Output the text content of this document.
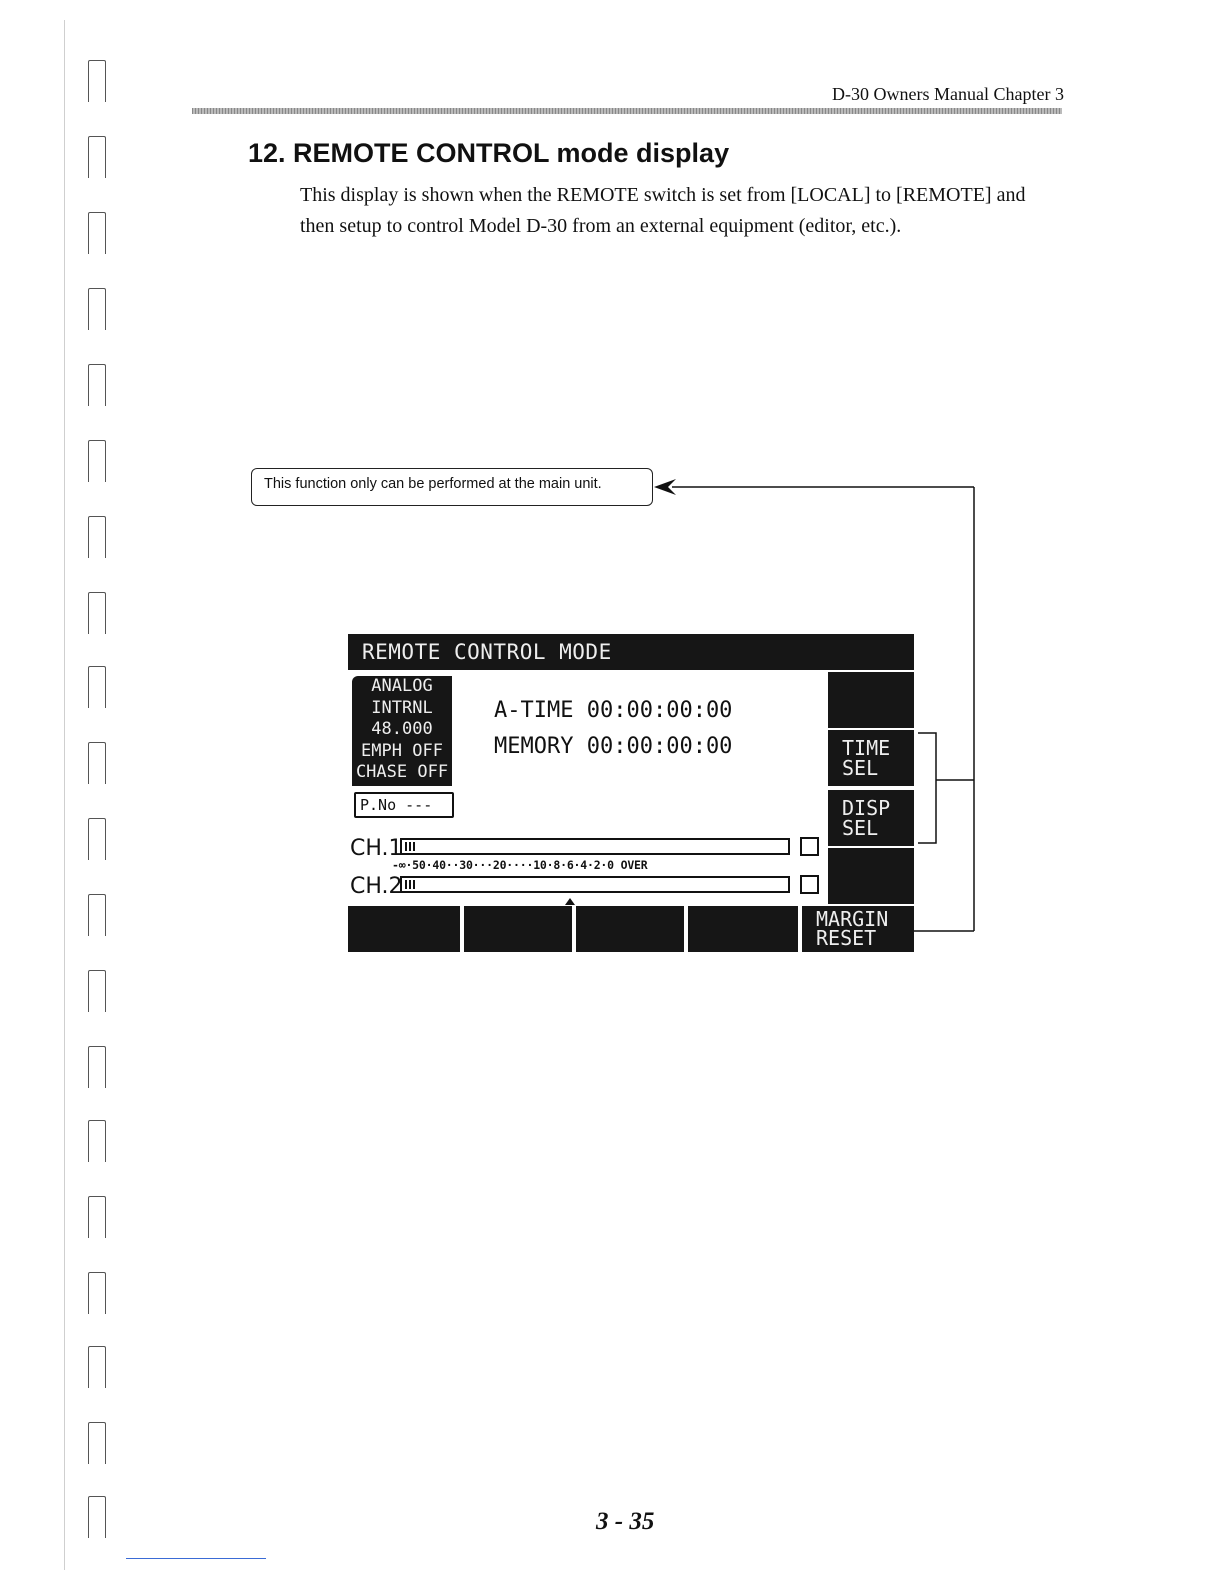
D-30 Owners Manual Chapter 3
12. REMOTE CONTROL mode display

This display is shown when the REMOTE switch is set from [LOCAL] to [REMOTE] and
then setup to control Model D-30 from an external equipment (editor, etc.).

This function only can be performed at the main unit.
REMOTE CONTROL MODE
ANALOG
INTRNL
48.000
EMPH OFF
CHASE OFF
P.No ---
A-TIME 00:00:00:00
MEMORY 00:00:00:00	TIME
SEL
DISP
SEL
CH.1
-∞·50·40··30···20····10·8·6·4·2·0 OVER
CH.2
MARGIN
RESET

3 - 35
